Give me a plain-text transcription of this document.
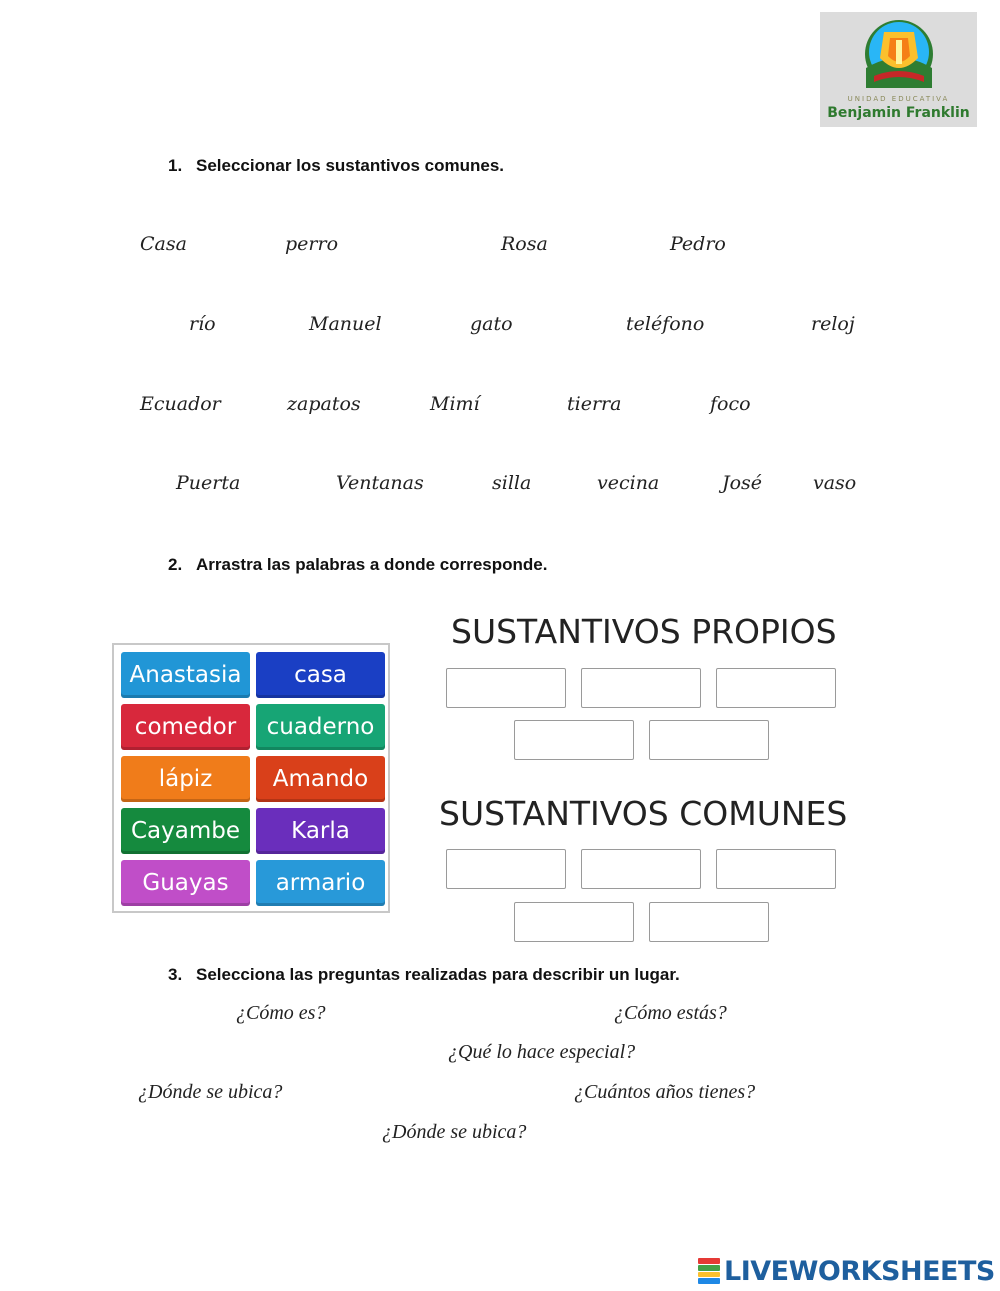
UNIDAD EDUCATIVA
Benjamin Franklin
1. Seleccionar los sustantivos comunes.
Casa	perro	Rosa	Pedro
río	Manuel	gato	teléfono	reloj
Ecuador	zapatos	Mimí	tierra	foco
Puerta	Ventanas	silla	vecina	José	vaso
2. Arrastra las palabras a donde corresponde.
Anastasia	casa
comedor	cuaderno
lápiz	Amando
Cayambe	Karla
Guayas	armario
SUSTANTIVOS PROPIOS
SUSTANTIVOS COMUNES
3. Selecciona las preguntas realizadas para describir un lugar.
¿Cómo es?	¿Cómo estás?
¿Qué lo hace especial?
¿Dónde se ubica?	¿Cuántos años tienes?
¿Dónde se ubica?
LIVEWORKSHEETS
